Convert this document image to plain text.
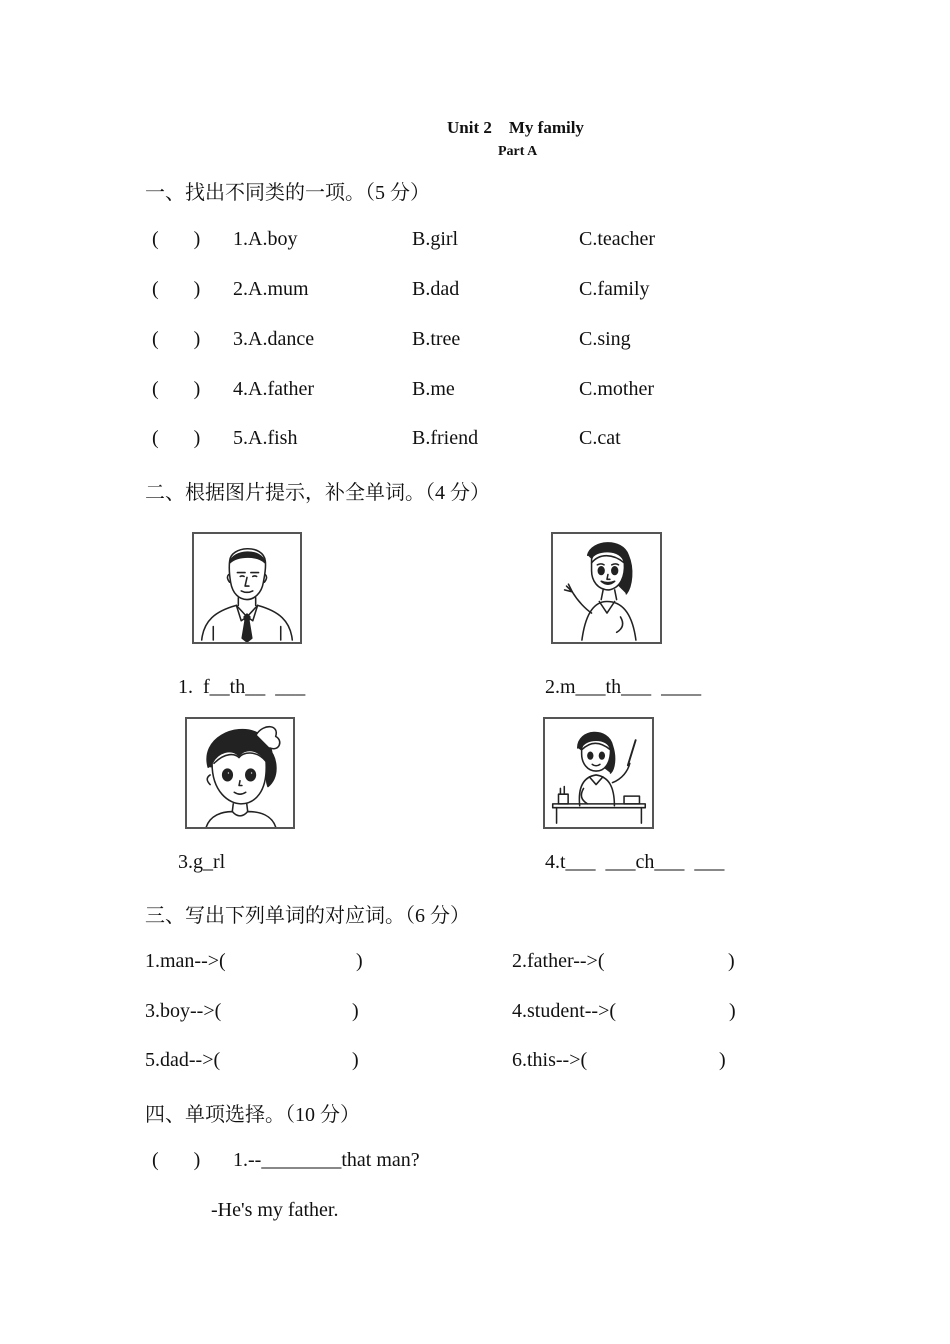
Unit 2    My family
Part A
一、找出不同类的一项。（5 分）
(       ) 1.A.boy	B.girl	C.teacher
(       ) 2.A.mum	B.dad	C.family
(       ) 3.A.dance	B.tree	C.sing
(       ) 4.A.father	B.me	C.mother
(       ) 5.A.fish	B.friend	C.cat
二、根据图片提示，补全单词。（4 分）
1.  f__th__  ___	2.m___th___  ____
3.g_rl	4.t___  ___ch___  ___
三、写出下列单词的对应词。（6 分）
1.man-->(	)	2.father-->(	)
3.boy-->(	)	4.student-->(	)
5.dad-->(	)	6.this-->(	)
四、单项选择。（10 分）
(       ) 1.--________that man?
-He's my father.
